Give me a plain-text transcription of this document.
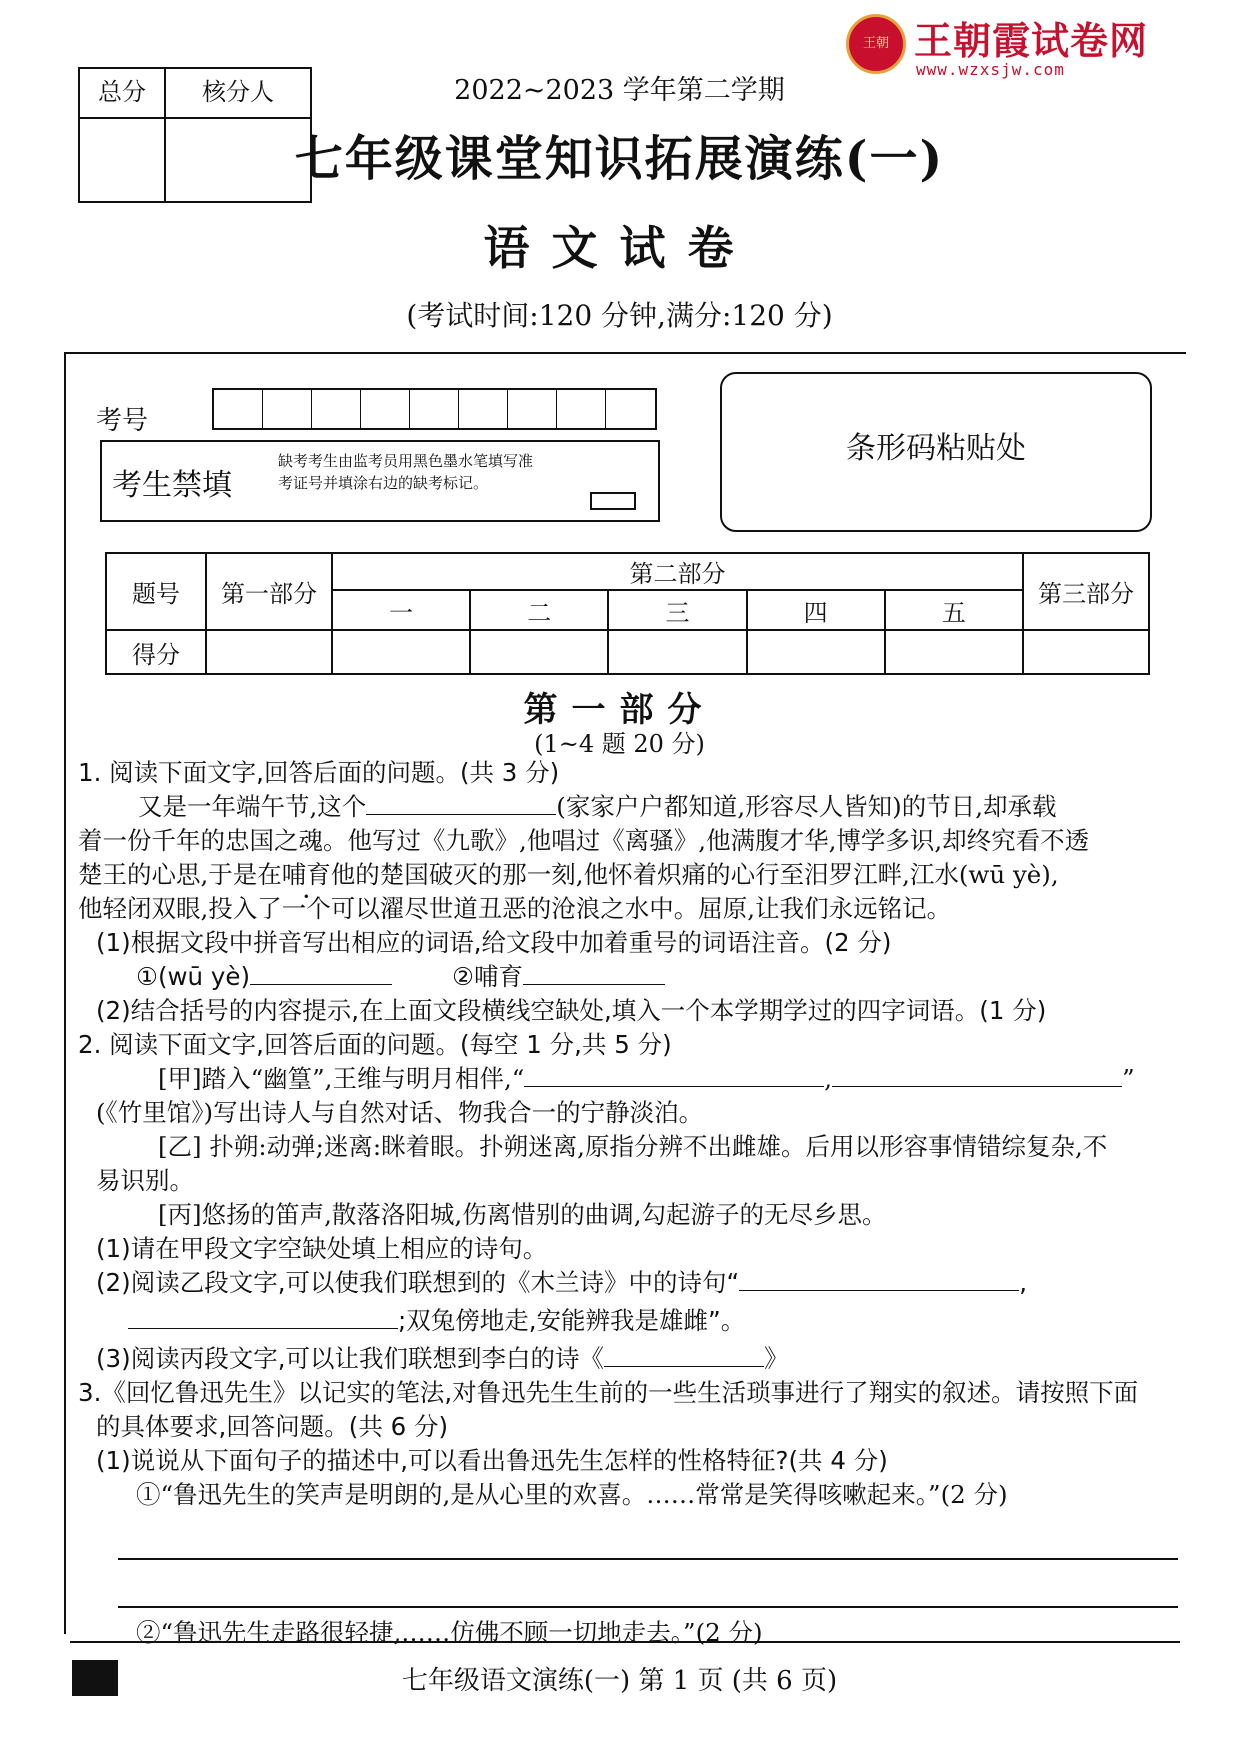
王朝 王朝霞试卷网
www.wzxsjw.com
总分	核分人	2022~2023 学年第二学期
七年级课堂知识拓展演练(一)
语文试卷
(考试时间:120 分钟,满分:120 分)
考号
考生禁填
缺考考生由监考员用黑色墨水笔填写准考证号并填涂右边的缺考标记。
条形码粘贴处
题号	第一部分	第二部分					第三部分
		一	二	三	四	五	
得分							
第一部分
(1~4 题 20 分)

1. 阅读下面文字,回答后面的问题。(共 3 分)

又是一年端午节,这个	(家家户户都知道,形容尽人皆知)的节日,却承载

着一份千年的忠国之魂。他写过《九歌》,他唱过《离骚》,他满腹才华,博学多识,却终究看不透

楚王的心思,于是在哺育他的楚国破灭的那一刻,他怀着炽痛的心行至汨罗江畔,江水(wū yè),

他轻闭双眼,投入了一个可以濯尽世道丑恶的沧浪之水中。屈原,让我们永远铭记。

(1)根据文段中拼音写出相应的词语,给文段中加着重号的词语注音。(2 分)

①(wū yè)	②哺育

(2)结合括号的内容提示,在上面文段横线空缺处,填入一个本学期学过的四字词语。(1 分)

2. 阅读下面文字,回答后面的问题。(每空 1 分,共 5 分)

[甲]踏入“幽篁”,王维与明月相伴,“	,	”

(《竹里馆》)写出诗人与自然对话、物我合一的宁静淡泊。

[乙] 扑朔:动弹;迷离:眯着眼。扑朔迷离,原指分辨不出雌雄。后用以形容事情错综复杂,不

易识别。

[丙]悠扬的笛声,散落洛阳城,伤离惜别的曲调,勾起游子的无尽乡思。

(1)请在甲段文字空缺处填上相应的诗句。

(2)阅读乙段文字,可以使我们联想到的《木兰诗》中的诗句“	,

;双兔傍地走,安能辨我是雄雌”。

(3)阅读丙段文字,可以让我们联想到李白的诗《	》

3.《回忆鲁迅先生》以记实的笔法,对鲁迅先生生前的一些生活琐事进行了翔实的叙述。请按照下面

的具体要求,回答问题。(共 6 分)

(1)说说从下面句子的描述中,可以看出鲁迅先生怎样的性格特征?(共 4 分)

①“鲁迅先生的笑声是明朗的,是从心里的欢喜。……常常是笑得咳嗽起来。”(2 分)

②“鲁迅先生走路很轻捷,……仿佛不顾一切地走去。”(2 分)

七年级语文演练(一) 第 1 页 (共 6 页)
